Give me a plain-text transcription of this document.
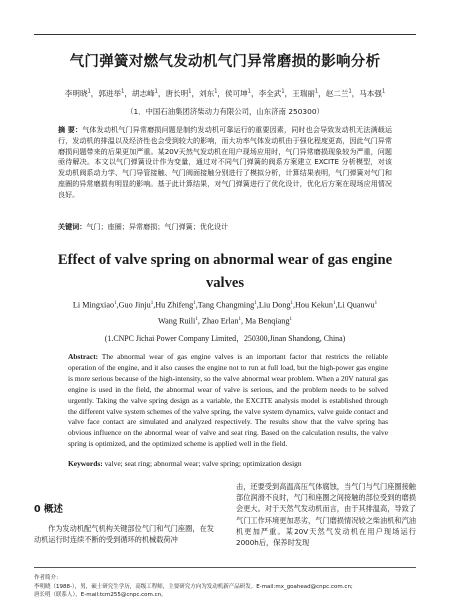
气门弹簧对燃气发动机气门异常磨损的影响分析
李明晓$^1$，郭进举$^1$，胡志峰$^1$，唐长明$^1$，刘东$^1$，侯可坤$^1$，李全武$^1$，王瑞丽$^1$，赵二兰$^1$，马本强$^1$
（1．中国石油集团济柴动力有限公司，山东济南 250300）
摘 要：气体发动机气门异常磨损问题是制约发动机可靠运行的重要因素，同时也会导致发动机无法满载运行，发动机的排温以及经济性也会受到较大的影响，而大功率气体发动机由于强化程度更高，因此气门异常磨损问题带来的后果更加严重。某20V天然气发动机在用户现场应用时，气门异常磨损现象较为严重，问题亟待解决。本文以气门弹簧设计作为变量，通过对不同气门弹簧的阀系方案建立 EXCITE 分析模型，对该发动机阀系动力学、气门导管接触、气门阀面接触分别进行了模拟分析，计算结果表明，气门弹簧对气门和座圈的异常磨损有明显的影响。基于此计算结果，对气门弹簧进行了优化设计，优化后方案在现场应用情况良好。
关键词：气门；座圈；异常磨损；气门弹簧；优化设计
Effect of valve spring on abnormal wear of gas engine valves
Li Mingxiao$^1$,Guo Jinju$^1$,Hu Zhifeng$^1$,Tang Changming$^1$,Liu Dong$^1$,Hou Kekun$^1$,Li Quanwu$^1$
Wang Ruili$^1$, Zhao Erlan$^1$, Ma Benqiang$^1$
(1.CNPC Jichai Power Company Limited，250300,Jinan Shandong, China)
Abstract: The abnormal wear of gas engine valves is an important factor that restricts the reliable operation of the engine, and it also causes the engine not to run at full load, but the high-power gas engine is more serious because of the high-intensity, so the valve abnormal wear problem. When a 20V natural gas engine is used in the field, the abnormal wear of valve is serious, and the problem needs to be solved urgently. Taking the valve spring design as a variable, the EXCITE analysis model is established through the different valve system schemes of the valve spring, the valve system dynamics, valve guide contact and valve face contact are simulated and analyzed respectively. The results show that the valve spring has obvious influence on the abnormal wear of valve and seat ring. Based on the calculation results, the valve spring is optimized, and the optimized scheme is applied well in the field.
Keywords: valve; seat ring; abnormal wear; valve spring; optimization design
0 概述
作为发动机配气机构关键部位气门和气门座圈，在发动机运行时连续不断的受到循环的机械载荷冲
击，还要受到高温高压气体腐蚀，当气门与气门座圈接触部位润滑不良时，气门和座圈之间接触的部位受到的磨损会更大。对于天然气发动机而言，由于其排温高，导致了气门工作环境更加恶劣，气门磨损情况较之柴油机和汽油机更加严重。某20V天然气发动机在用户现场运行2000h后，保养时发现
作者简介：
李明晓（1988-），男，硕士研究生学历，高级工程师，主要研究方向为发动机新产品研发。E-mail:mx_goahead@cnpc.com.cn;
唐长明（联系人），E-mail:tcm255@cnpc.com.cn。
